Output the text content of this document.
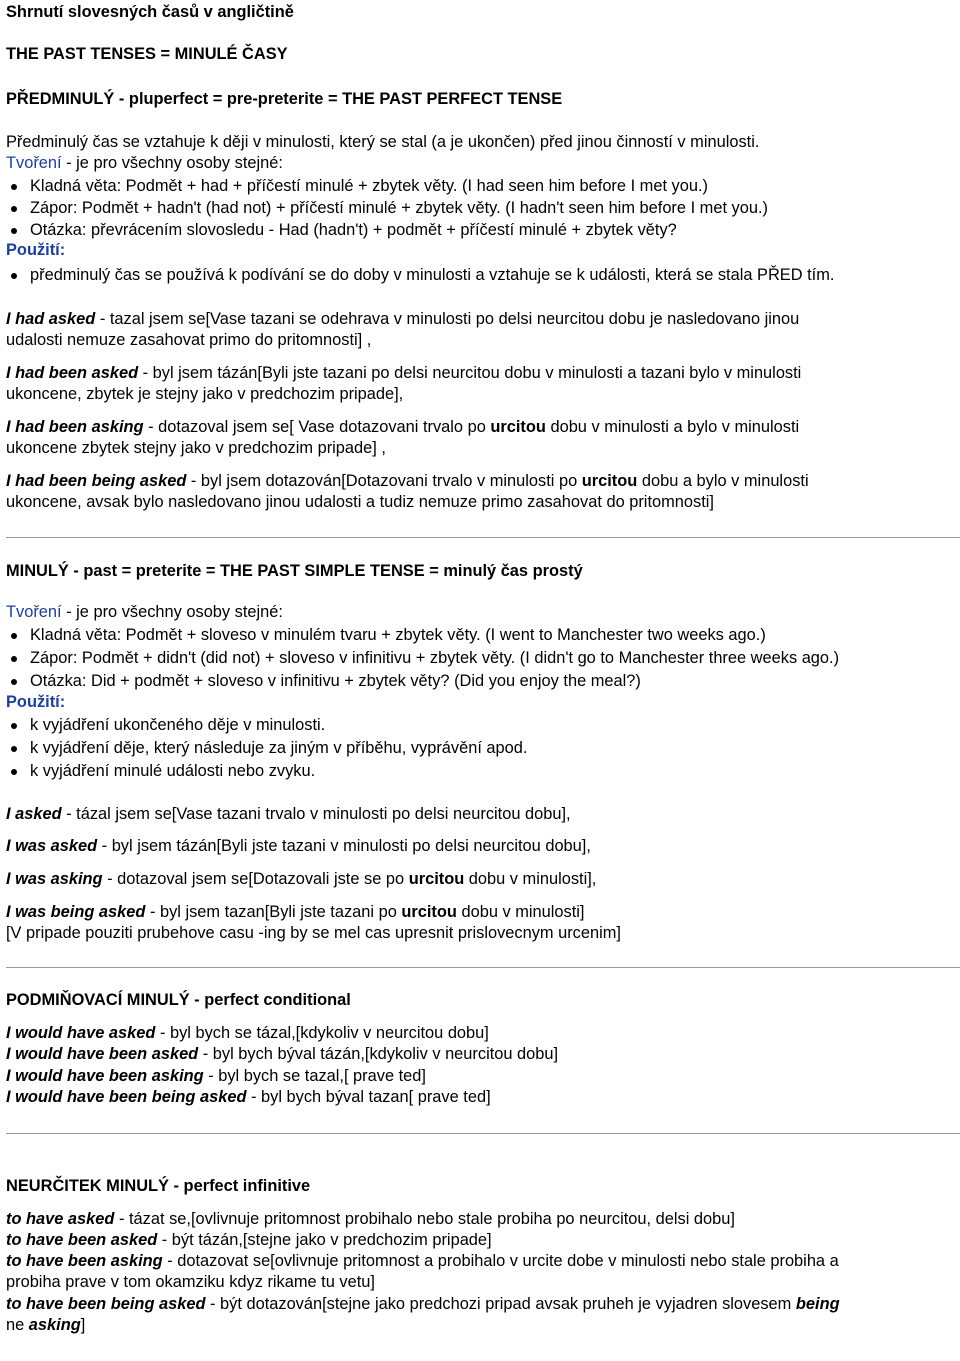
Shrnutí slovesných časů v angličtině
THE PAST TENSES = MINULÉ ČASY
PŘEDMINULÝ - pluperfect = pre-preterite = THE PAST PERFECT TENSE
Předminulý čas se vztahuje k ději v minulosti, který se stal (a je ukončen) před jinou činností v minulosti.
Tvoření - je pro všechny osoby stejné:
Kladná věta: Podmět + had + příčestí minulé + zbytek věty. (I had seen him before I met you.)
Zápor: Podmět + hadn't (had not) + příčestí minulé + zbytek věty. (I hadn't seen him before I met you.)
Otázka: převrácením slovosledu - Had (hadn't) + podmět + příčestí minulé + zbytek věty?
Použití:
předminulý čas se používá k podívání se do doby v minulosti a vztahuje se k události, která se stala PŘED tím.
I had asked - tazal jsem se[Vase tazani se odehrava v minulosti po delsi neurcitou dobu je nasledovano jinou
udalosti nemuze zasahovat primo do pritomnosti] ,
I had been asked - byl jsem tázán[Byli jste tazani po delsi neurcitou dobu v minulosti a tazani bylo v minulosti
ukoncene, zbytek je stejny jako v predchozim pripade],
I had been asking - dotazoval jsem se[ Vase dotazovani trvalo po urcitou dobu v minulosti a bylo v minulosti
ukoncene zbytek stejny jako v predchozim pripade] ,
I had been being asked - byl jsem dotazován[Dotazovani trvalo v minulosti po urcitou dobu a bylo v minulosti
ukoncene, avsak bylo nasledovano jinou udalosti a tudiz nemuze primo zasahovat do pritomnosti]
MINULÝ - past = preterite = THE PAST SIMPLE TENSE = minulý čas prostý
Tvoření - je pro všechny osoby stejné:
Kladná věta: Podmět + sloveso v minulém tvaru + zbytek věty. (I went to Manchester two weeks ago.)
Zápor: Podmět + didn't (did not) + sloveso v infinitivu + zbytek věty. (I didn't go to Manchester three weeks ago.)
Otázka: Did + podmět + sloveso v infinitivu + zbytek věty? (Did you enjoy the meal?)
Použití:
k vyjádření ukončeného děje v minulosti.
k vyjádření děje, který následuje za jiným v příběhu, vyprávění apod.
k vyjádření minulé události nebo zvyku.
I asked - tázal jsem se[Vase tazani trvalo v minulosti po delsi neurcitou dobu],
I was asked - byl jsem tázán[Byli jste tazani v minulosti po delsi neurcitou dobu],
I was asking - dotazoval jsem se[Dotazovali jste se po urcitou dobu v minulosti],
I was being asked - byl jsem tazan[Byli jste tazani po urcitou dobu v minulosti]
[V pripade pouziti prubehove casu -ing by se mel cas upresnit prislovecnym urcenim]
PODMIŇOVACÍ MINULÝ - perfect conditional
I would have asked - byl bych se tázal,[kdykoliv v neurcitou dobu]
I would have been asked - byl bych býval tázán,[kdykoliv v neurcitou dobu]
I would have been asking - byl bych se tazal,[ prave ted]
I would have been being asked - byl bych býval tazan[ prave ted]
NEURČITEK MINULÝ - perfect infinitive
to have asked - tázat se,[ovlivnuje pritomnost probihalo nebo stale probiha po neurcitou, delsi dobu]
to have been asked - být tázán,[stejne jako v predchozim pripade]
to have been asking - dotazovat se[ovlivnuje pritomnost a probihalo v urcite dobe v minulosti nebo stale probiha a
probiha prave v tom okamziku kdyz rikame tu vetu]
to have been being asked - být dotazován[stejne jako predchozi pripad avsak pruheh je vyjadren slovesem being
ne asking]
